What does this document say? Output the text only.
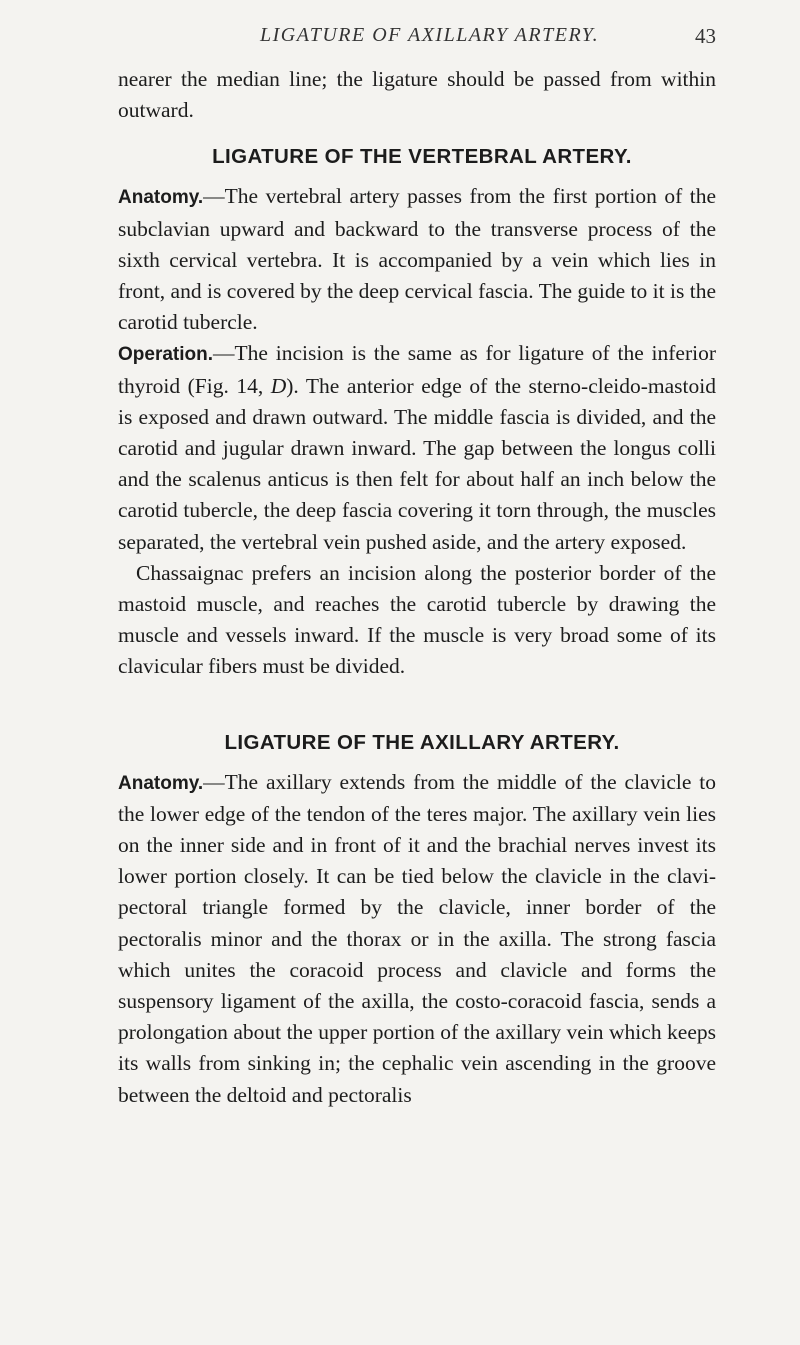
LIGATURE OF AXILLARY ARTERY.	43

nearer the median line; the ligature should be passed from within outward.

LIGATURE OF THE VERTEBRAL ARTERY.

Anatomy.—The vertebral artery passes from the first portion of the subclavian upward and backward to the transverse process of the sixth cervical vertebra. It is accompanied by a vein which lies in front, and is covered by the deep cervical fascia. The guide to it is the carotid tubercle.

Operation.—The incision is the same as for ligature of the inferior thyroid (Fig. 14, D). The anterior edge of the sterno-cleido-mastoid is exposed and drawn outward. The middle fascia is divided, and the carotid and jugular drawn inward. The gap between the longus colli and the scalenus anticus is then felt for about half an inch below the carotid tubercle, the deep fascia covering it torn through, the muscles separated, the vertebral vein pushed aside, and the artery exposed.

Chassaignac prefers an incision along the posterior border of the mastoid muscle, and reaches the carotid tubercle by drawing the muscle and vessels inward. If the muscle is very broad some of its clavicular fibers must be divided.

LIGATURE OF THE AXILLARY ARTERY.

Anatomy.—The axillary extends from the middle of the clavicle to the lower edge of the tendon of the teres major. The axillary vein lies on the inner side and in front of it and the brachial nerves invest its lower portion closely. It can be tied below the clavicle in the clavi-pectoral triangle formed by the clavicle, inner border of the pectoralis minor and the thorax or in the axilla. The strong fascia which unites the coracoid process and clavicle and forms the suspensory ligament of the axilla, the costo-coracoid fascia, sends a prolongation about the upper portion of the axillary vein which keeps its walls from sinking in; the cephalic vein ascending in the groove between the deltoid and pectoralis
